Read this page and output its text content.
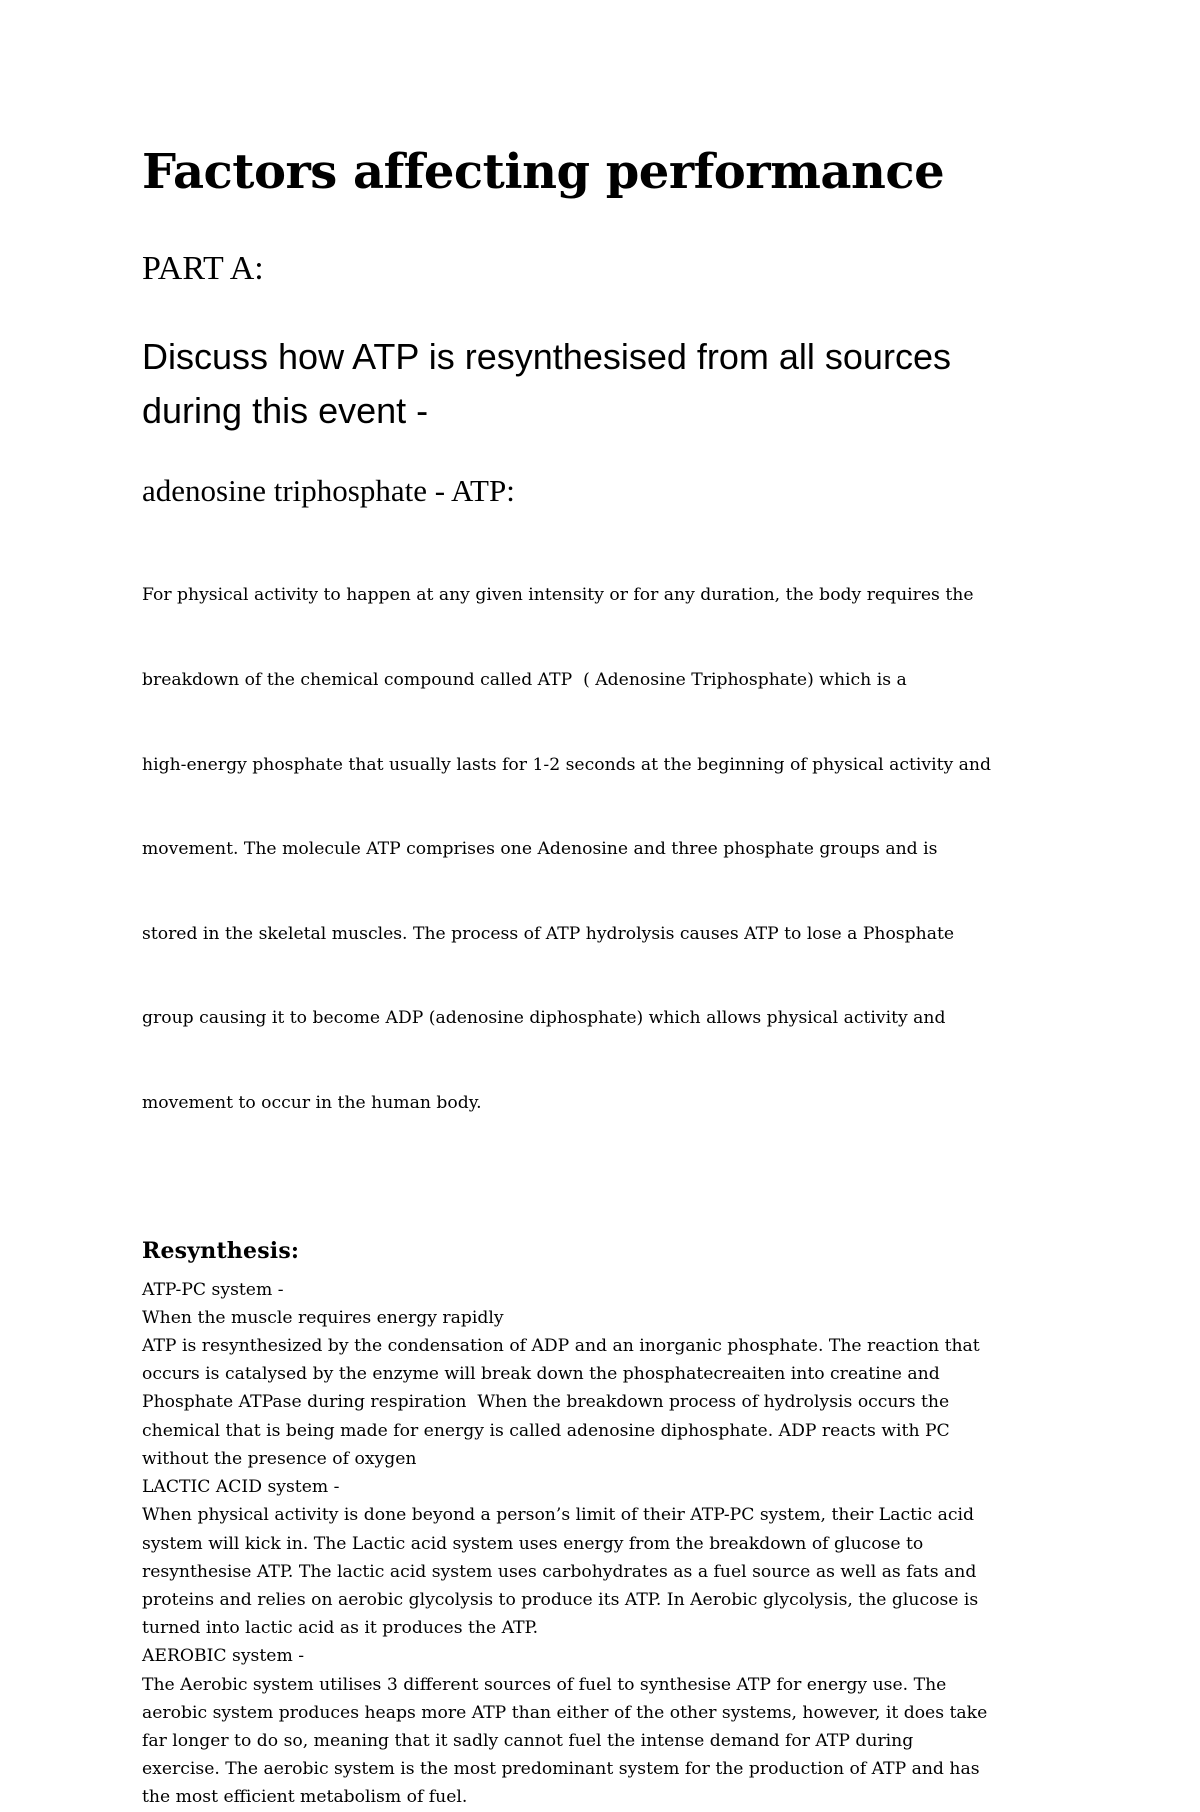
Factors affecting performance
PART A:
Discuss how ATP is resynthesised from all sources
during this event -
adenosine triphosphate - ATP:

For physical activity to happen at any given intensity or for any duration, the body requires the

breakdown of the chemical compound called ATP  ( Adenosine Triphosphate) which is a

high-energy phosphate that usually lasts for 1-2 seconds at the beginning of physical activity and

movement. The molecule ATP comprises one Adenosine and three phosphate groups and is

stored in the skeletal muscles. The process of ATP hydrolysis causes ATP to lose a Phosphate

group causing it to become ADP (adenosine diphosphate) which allows physical activity and

movement to occur in the human body.

Resynthesis:
ATP-PC system -
When the muscle requires energy rapidly
ATP is resynthesized by the condensation of ADP and an inorganic phosphate. The reaction that
occurs is catalysed by the enzyme will break down the phosphatecreaiten into creatine and
Phosphate ATPase during respiration  When the breakdown process of hydrolysis occurs the
chemical that is being made for energy is called adenosine diphosphate. ADP reacts with PC
without the presence of oxygen
LACTIC ACID system -
When physical activity is done beyond a person’s limit of their ATP-PC system, their Lactic acid
system will kick in. The Lactic acid system uses energy from the breakdown of glucose to
resynthesise ATP. The lactic acid system uses carbohydrates as a fuel source as well as fats and
proteins and relies on aerobic glycolysis to produce its ATP. In Aerobic glycolysis, the glucose is
turned into lactic acid as it produces the ATP.
AEROBIC system -
The Aerobic system utilises 3 different sources of fuel to synthesise ATP for energy use. The
aerobic system produces heaps more ATP than either of the other systems, however, it does take
far longer to do so, meaning that it sadly cannot fuel the intense demand for ATP during
exercise. The aerobic system is the most predominant system for the production of ATP and has
the most efficient metabolism of fuel.
